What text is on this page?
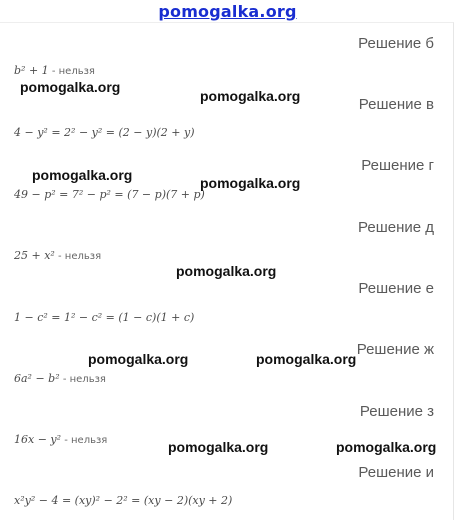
pomogalka.org
Решение б
Решение в
Решение г
Решение д
Решение е
Решение ж
Решение з
Решение и
b² + 1 - нельзя
4 − y² = 2² − y² = (2 − y)(2 + y)
49 − p² = 7² − p² = (7 − p)(7 + p)
25 + x² - нельзя
1 − c² = 1² − c² = (1 − c)(1 + c)
6a² − b² - нельзя
16x − y² - нельзя
x²y² − 4 = (xy)² − 2² = (xy − 2)(xy + 2)
pomogalka.org
pomogalka.org
pomogalka.org	pomogalka.org
pomogalka.org
pomogalka.org	pomogalka.org
pomogalka.org	pomogalka.org
